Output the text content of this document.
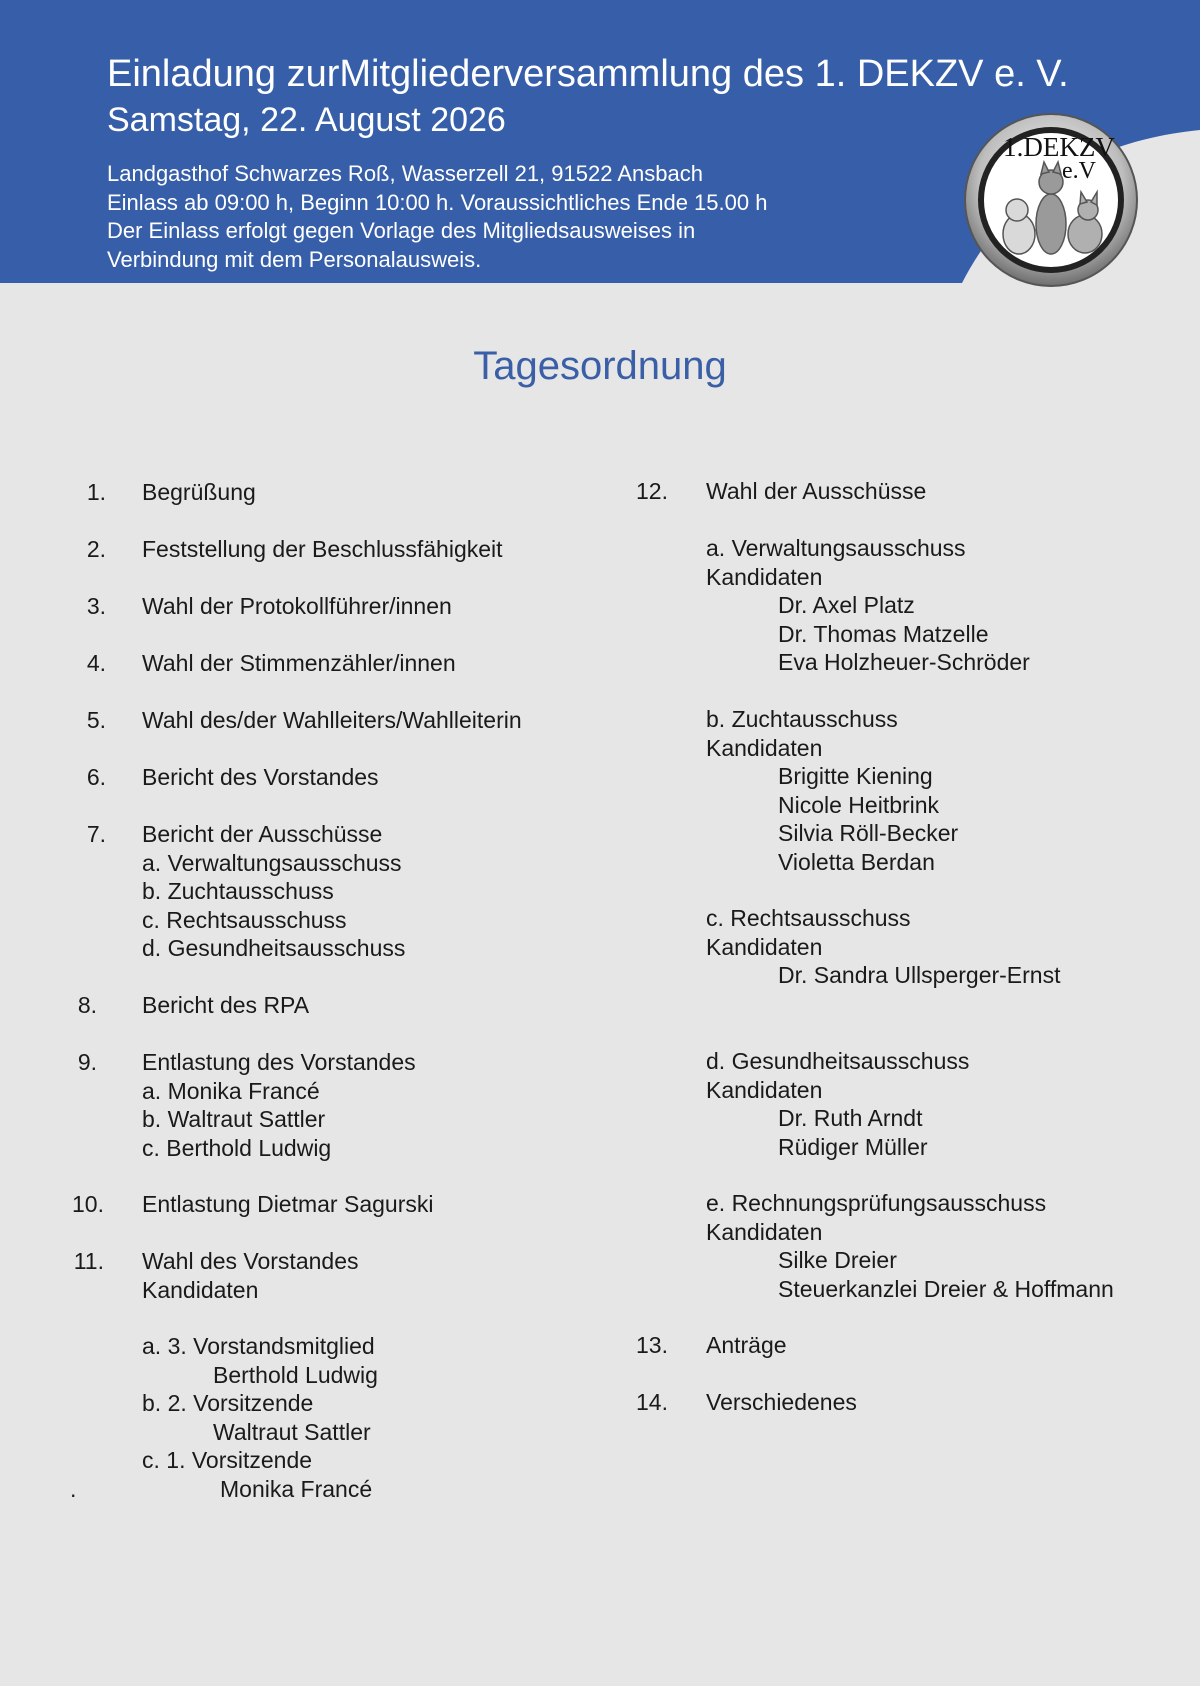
Einladung zurMitgliederversammlung des 1. DEKZV e. V.
Samstag, 22. August 2026
Landgasthof Schwarzes Roß, Wasserzell 21, 91522 Ansbach
Einlass ab 09:00 h, Beginn 10:00 h. Voraussichtliches Ende 15.00 h
Der Einlass erfolgt gegen Vorlage des Mitgliedsausweises in
Verbindung mit dem Personalausweis.
1.DEKZV
e.V
Tagesordnung
1. Begrüßung
2. Feststellung der Beschlussfähigkeit
3. Wahl der Protokollführer/innen
4. Wahl der Stimmenzähler/innen
5. Wahl des/der Wahlleiters/Wahlleiterin
6. Bericht des Vorstandes
7. Bericht der Ausschüsse
a. Verwaltungsausschuss
b. Zuchtausschuss
c. Rechtsausschuss
d. Gesundheitsausschuss
8. Bericht des RPA
9. Entlastung des Vorstandes
a. Monika Francé
b. Waltraut Sattler
c. Berthold Ludwig
10. Entlastung Dietmar Sagurski
11. Wahl des Vorstandes
Kandidaten
a. 3. Vorstandsmitglied
Berthold Ludwig
b. 2. Vorsitzende
Waltraut Sattler
c. 1. Vorsitzende
.	Monika Francé
12. Wahl der Ausschüsse
a. Verwaltungsausschuss
Kandidaten
Dr. Axel Platz
Dr. Thomas Matzelle
Eva Holzheuer-Schröder
b. Zuchtausschuss
Kandidaten
Brigitte Kiening
Nicole Heitbrink
Silvia Röll-Becker
Violetta Berdan
c. Rechtsausschuss
Kandidaten
Dr. Sandra Ullsperger-Ernst
d. Gesundheitsausschuss
Kandidaten
Dr. Ruth Arndt
Rüdiger Müller
e. Rechnungsprüfungsausschuss
Kandidaten
Silke Dreier
Steuerkanzlei Dreier & Hoffmann
13. Anträge
14. Verschiedenes
